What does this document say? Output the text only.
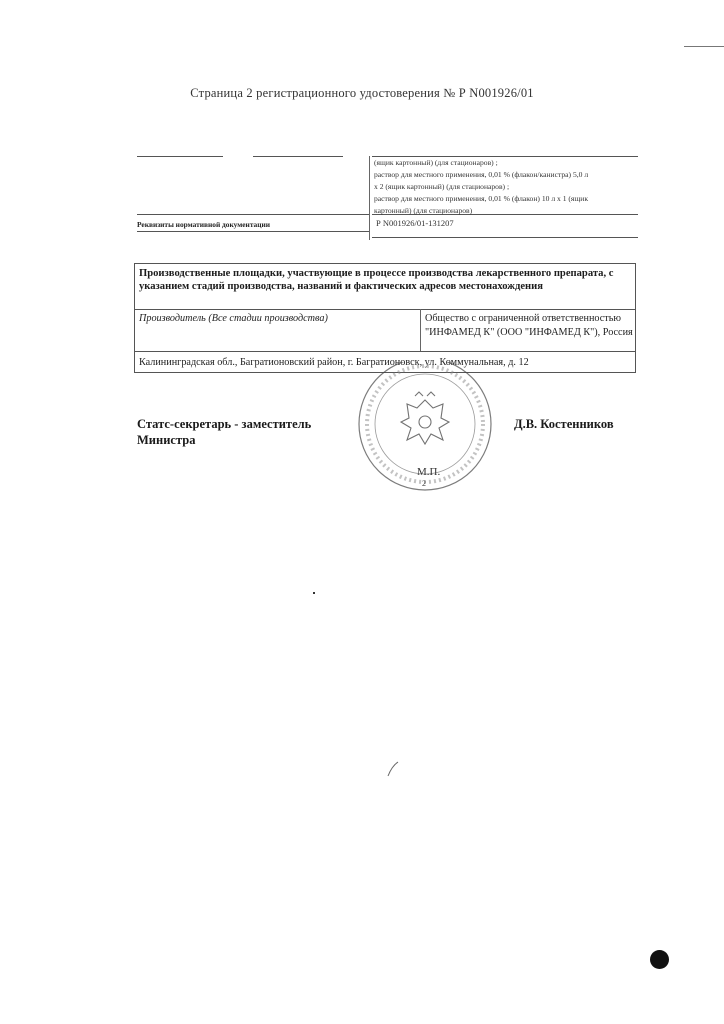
Страница 2 регистрационного удостоверения № Р N001926/01
(ящик картонный) (для стационаров) ;
раствор для местного применения, 0,01 % (флакон/канистра) 5,0 л
х 2 (ящик картонный) (для стационаров) ;
раствор для местного применения, 0,01 % (флакон) 10 л х 1 (ящик
картонный) (для стационаров)
Реквизиты нормативной документации	Р N001926/01-131207
Производственные площадки, участвующие в процессе производства лекарственного препарата, с указанием стадий производства, названий и фактических адресов местонахождения
Производитель (Все стадии производства)	Общество с ограниченной ответственностью "ИНФАМЕД К" (ООО "ИНФАМЕД К"), Россия
Калининградская обл., Багратионовский район, г. Багратионовск, ул. Коммунальная, д. 12
Статс-секретарь - заместитель Министра
Д.В. Костенников
М.П.
2
